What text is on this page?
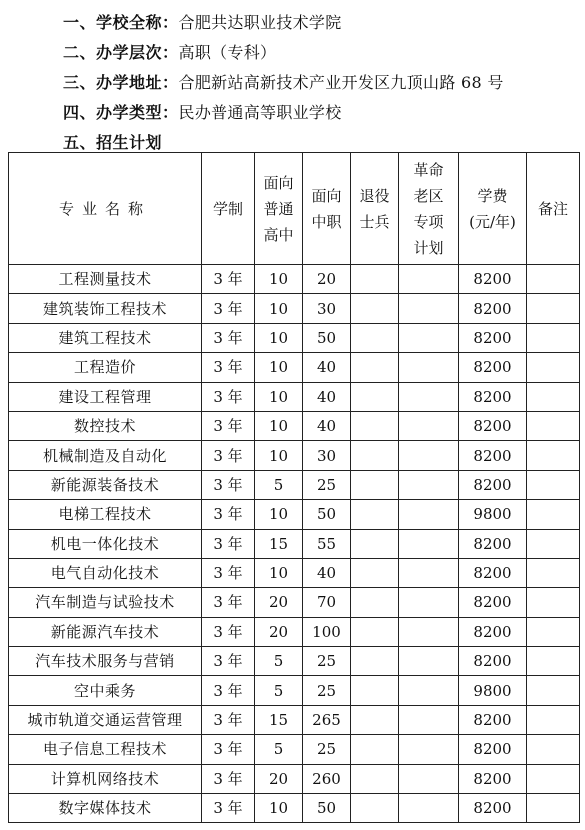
一、学校全称：合肥共达职业技术学院
二、办学层次：高职（专科）
三、办学地址：合肥新站高新技术产业开发区九顶山路 68 号
四、办学类型：民办普通高等职业学校
五、招生计划
专业名称	学制	面向普通高中	面向中职	退役士兵	革命老区专项计划	学费(元/年)	备注
工程测量技术	3 年	10	20			8200	
建筑装饰工程技术	3 年	10	30			8200	
建筑工程技术	3 年	10	50			8200	
工程造价	3 年	10	40			8200	
建设工程管理	3 年	10	40			8200	
数控技术	3 年	10	40			8200	
机械制造及自动化	3 年	10	30			8200	
新能源装备技术	3 年	5	25			8200	
电梯工程技术	3 年	10	50			9800	
机电一体化技术	3 年	15	55			8200	
电气自动化技术	3 年	10	40			8200	
汽车制造与试验技术	3 年	20	70			8200	
新能源汽车技术	3 年	20	100			8200	
汽车技术服务与营销	3 年	5	25			8200	
空中乘务	3 年	5	25			9800	
城市轨道交通运营管理	3 年	15	265			8200	
电子信息工程技术	3 年	5	25			8200	
计算机网络技术	3 年	20	260			8200	
数字媒体技术	3 年	10	50			8200	
